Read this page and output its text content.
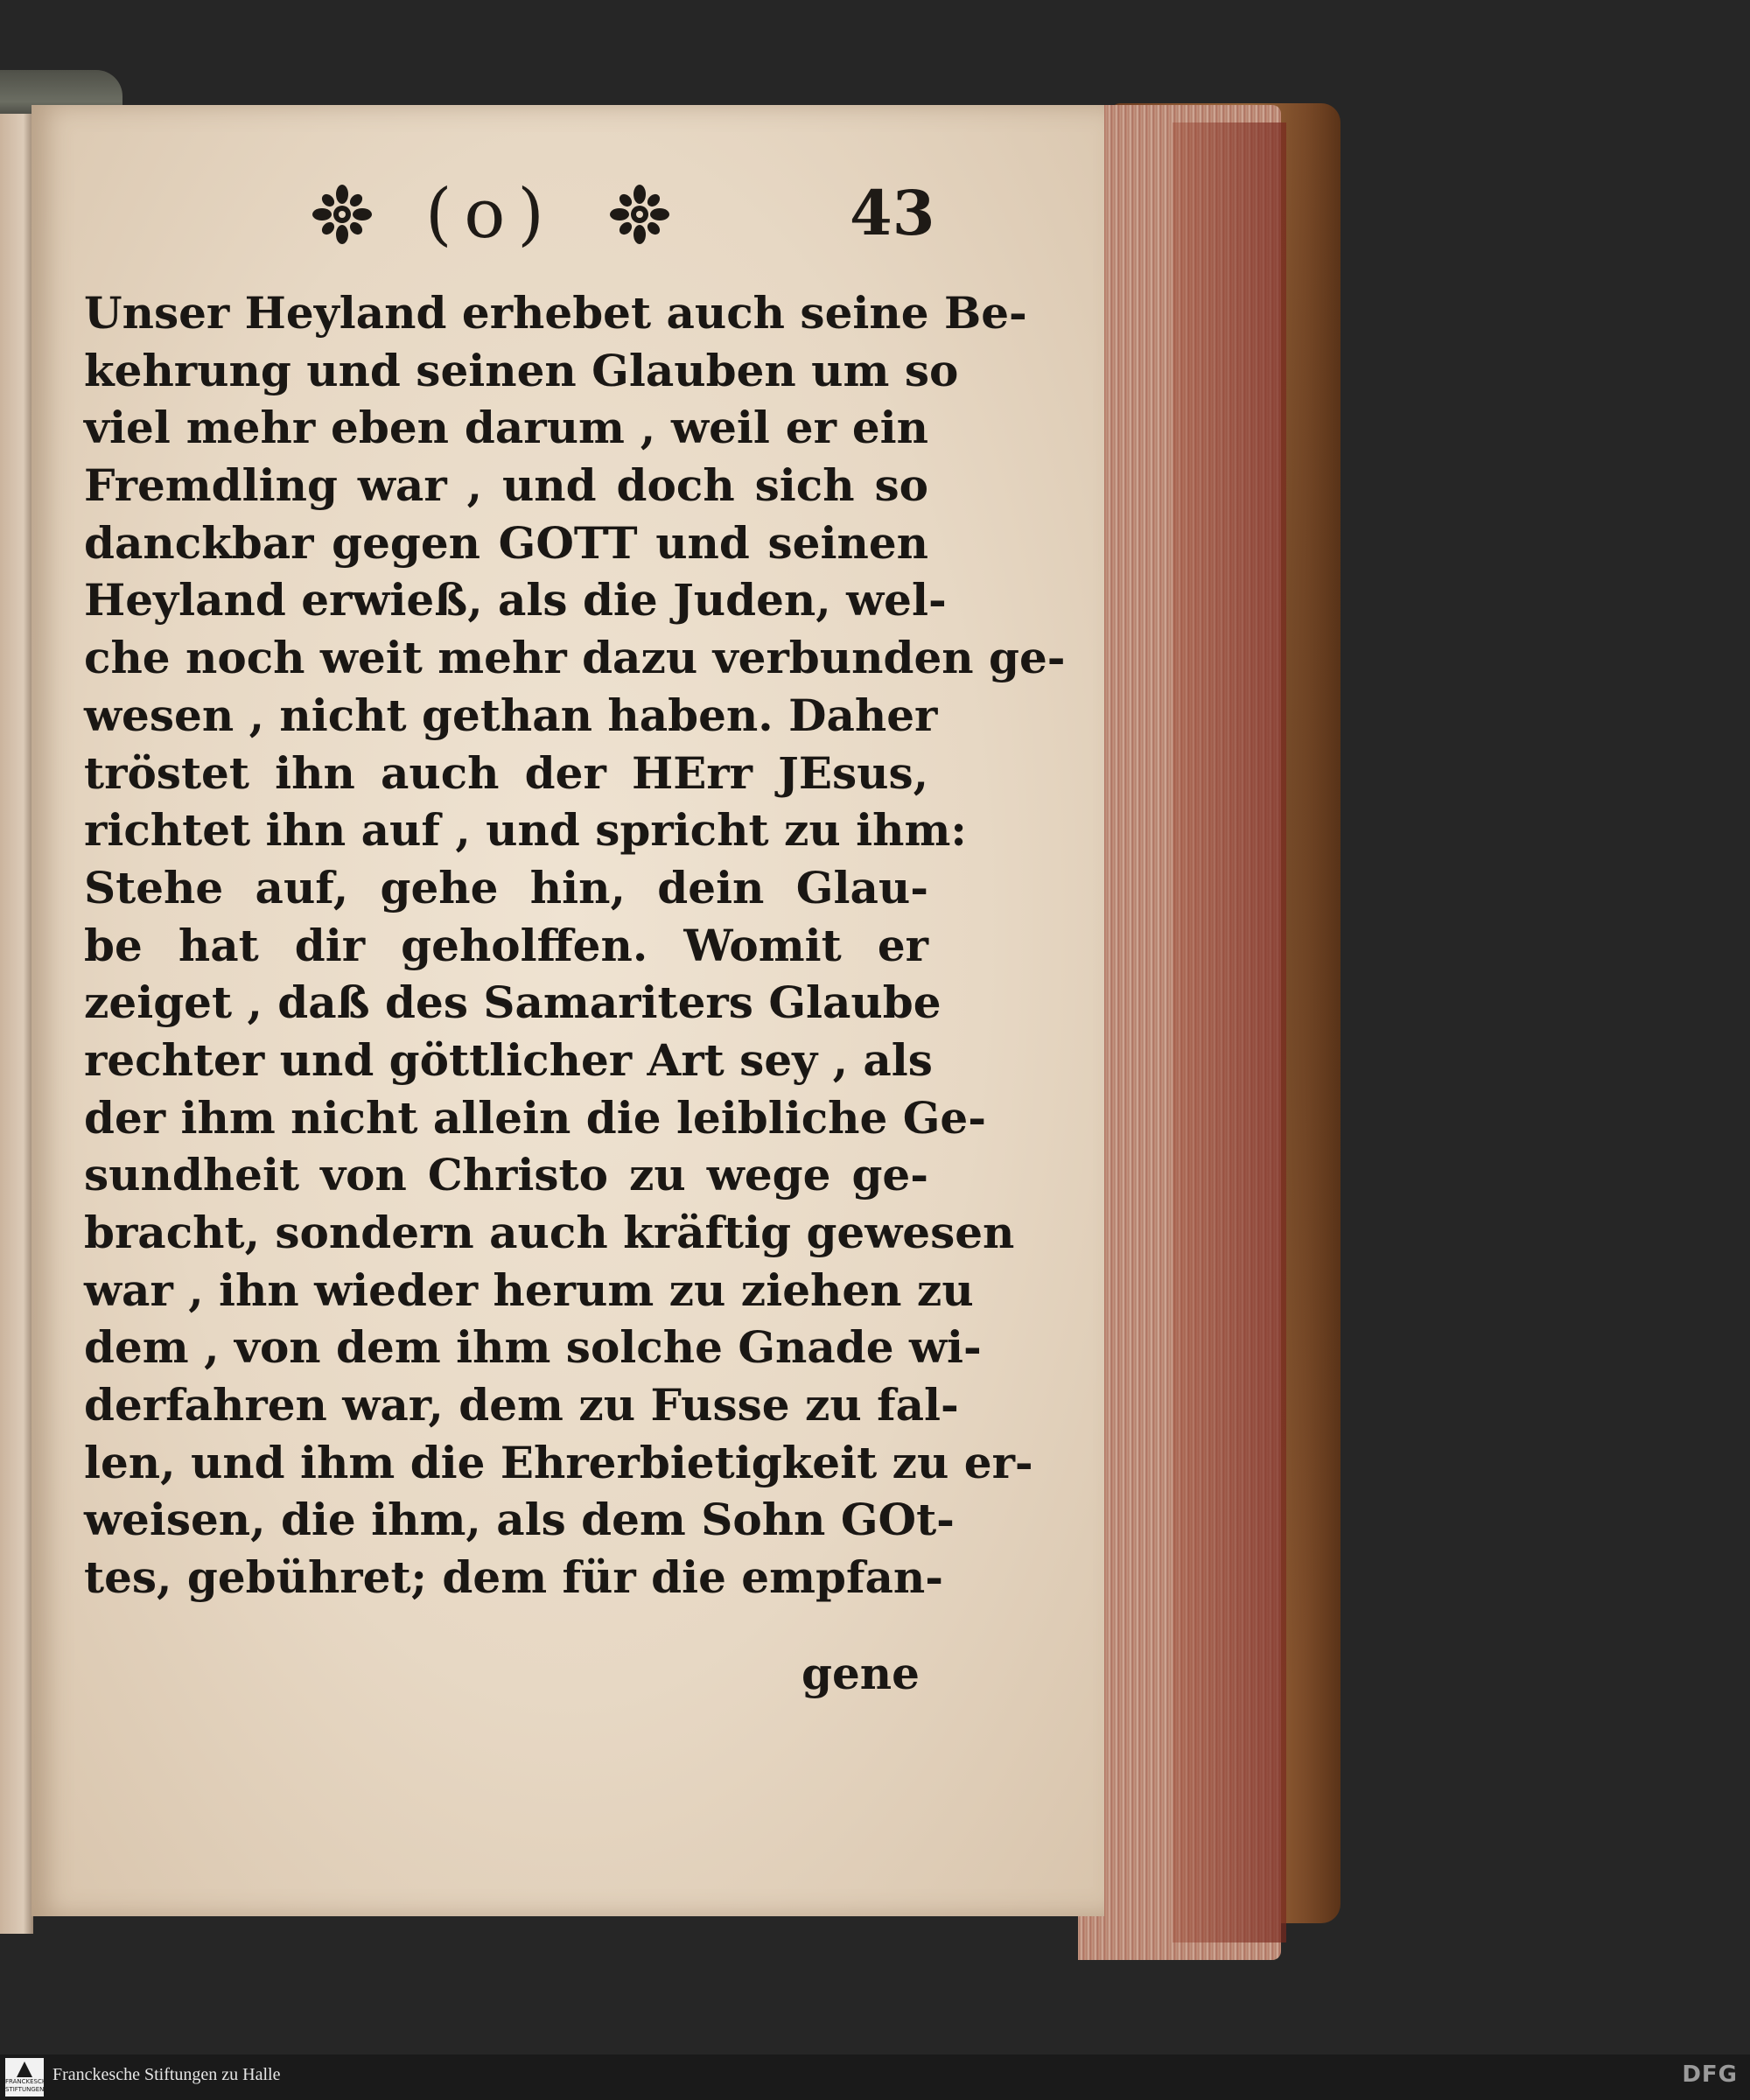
(o)	43
Unser Heyland erhebet auch seine Be-
kehrung und seinen Glauben um so
viel mehr eben darum , weil er ein
Fremdling war , und doch sich so
danckbar gegen GOTT und seinen
Heyland erwieß, als die Juden, wel-
che noch weit mehr dazu verbunden ge-
wesen , nicht gethan haben. Daher
tröstet ihn auch der HErr JEsus,
richtet ihn auf , und spricht zu ihm:
Stehe auf, gehe hin, dein Glau-
be hat dir geholffen. Womit er
zeiget , daß des Samariters Glaube
rechter und göttlicher Art sey , als
der ihm nicht allein die leibliche Ge-
sundheit von Christo zu wege ge-
bracht, sondern auch kräftig gewesen
war , ihn wieder herum zu ziehen zu
dem , von dem ihm solche Gnade wi-
derfahren war, dem zu Fusse zu fal-
len, und ihm die Ehrerbietigkeit zu er-
weisen, die ihm, als dem Sohn GOt-
tes, gebühret; dem für die empfan-
gene
FRANCKESCHE STIFTUNGEN
Franckesche Stiftungen zu Halle	DFG
